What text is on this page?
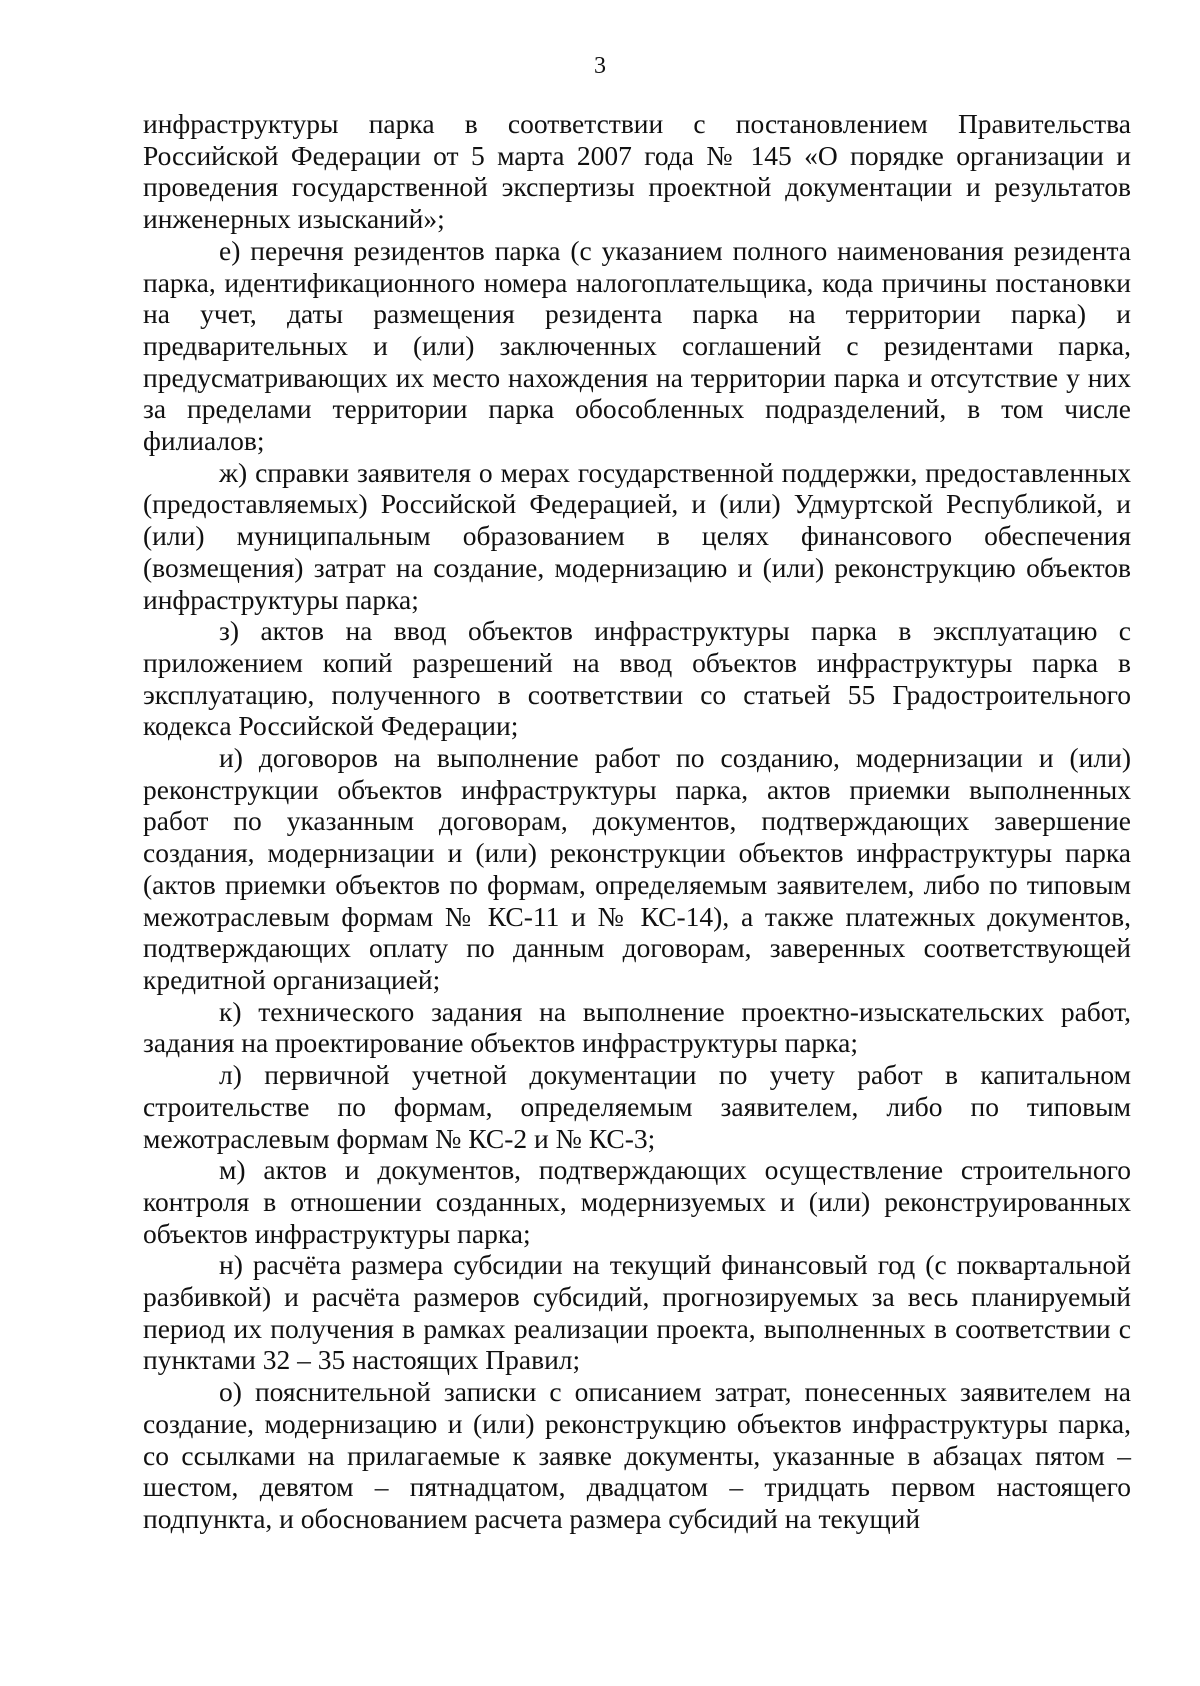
3

инфраструктуры парка в соответствии с постановлением Правительства Российской Федерации от 5 марта 2007 года № 145 «О порядке организации и проведения государственной экспертизы проектной документации и результатов инженерных изысканий»;

е) перечня резидентов парка (с указанием полного наименования резидента парка, идентификационного номера налогоплательщика, кода причины постановки на учет, даты размещения резидента парка на территории парка) и предварительных и (или) заключенных соглашений с резидентами парка, предусматривающих их место нахождения на территории парка и отсутствие у них за пределами территории парка обособленных подразделений, в том числе филиалов;

ж) справки заявителя о мерах государственной поддержки, предоставленных (предоставляемых) Российской Федерацией, и (или) Удмуртской Республикой, и (или) муниципальным образованием в целях финансового обеспечения (возмещения) затрат на создание, модернизацию и (или) реконструкцию объектов инфраструктуры парка;

з) актов на ввод объектов инфраструктуры парка в эксплуатацию с приложением копий разрешений на ввод объектов инфраструктуры парка в эксплуатацию, полученного в соответствии со статьей 55 Градостроительного кодекса Российской Федерации;

и) договоров на выполнение работ по созданию, модернизации и (или) реконструкции объектов инфраструктуры парка, актов приемки выполненных работ по указанным договорам, документов, подтверждающих завершение создания, модернизации и (или) реконструкции объектов инфраструктуры парка (актов приемки объектов по формам, определяемым заявителем, либо по типовым межотраслевым формам № КС-11 и № КС-14), а также платежных документов, подтверждающих оплату по данным договорам, заверенных соответствующей кредитной организацией;

к) технического задания на выполнение проектно-изыскательских работ, задания на проектирование объектов инфраструктуры парка;

л) первичной учетной документации по учету работ в капитальном строительстве по формам, определяемым заявителем, либо по типовым межотраслевым формам № КС-2 и № КС-3;

м) актов и документов, подтверждающих осуществление строительного контроля в отношении созданных, модернизуемых и (или) реконструированных объектов инфраструктуры парка;

н) расчёта размера субсидии на текущий финансовый год (с поквартальной разбивкой) и расчёта размеров субсидий, прогнозируемых за весь планируемый период их получения в рамках реализации проекта, выполненных в соответствии с пунктами 32 – 35 настоящих Правил;

о) пояснительной записки с описанием затрат, понесенных заявителем на создание, модернизацию и (или) реконструкцию объектов инфраструктуры парка, со ссылками на прилагаемые к заявке документы, указанные в абзацах пятом – шестом, девятом – пятнадцатом, двадцатом – тридцать первом настоящего подпункта, и обоснованием расчета размера субсидий на текущий
